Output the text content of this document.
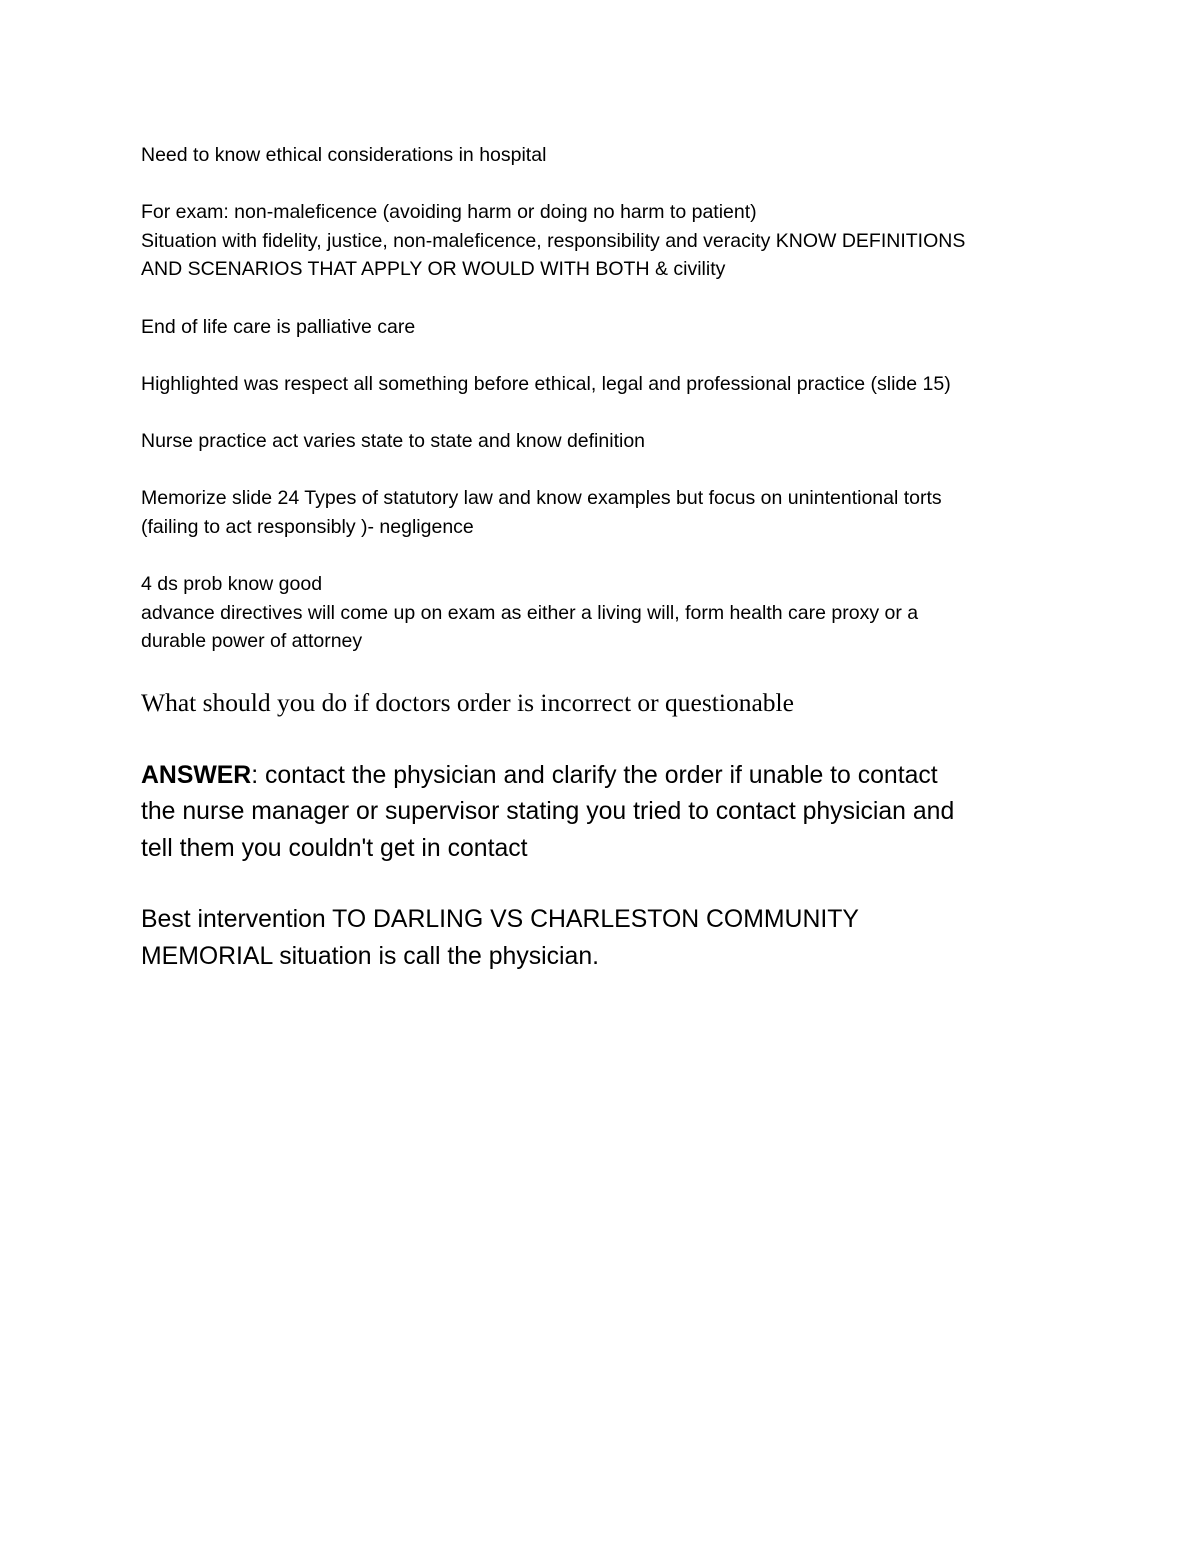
Need to know ethical considerations in hospital

For exam: non-maleficence (avoiding harm or doing no harm to patient)

Situation with fidelity, justice, non-maleficence, responsibility and veracity KNOW DEFINITIONS

AND SCENARIOS THAT APPLY OR WOULD WITH BOTH & civility

End of life care is palliative care

Highlighted was respect all something before ethical, legal and professional practice (slide 15)

Nurse practice act varies state to state and know definition

Memorize slide 24 Types of statutory law and know examples but focus on unintentional torts

(failing to act responsibly )- negligence

4 ds prob know good

advance directives will come up on exam as either a living will, form health care proxy or a

durable power of attorney

What should you do if doctors order is incorrect or questionable

ANSWER: contact the physician and clarify the order if unable to contact

the nurse manager or supervisor stating you tried to contact physician and

tell them you couldn't get in contact

Best intervention TO DARLING VS CHARLESTON COMMUNITY

MEMORIAL situation is call the physician.
